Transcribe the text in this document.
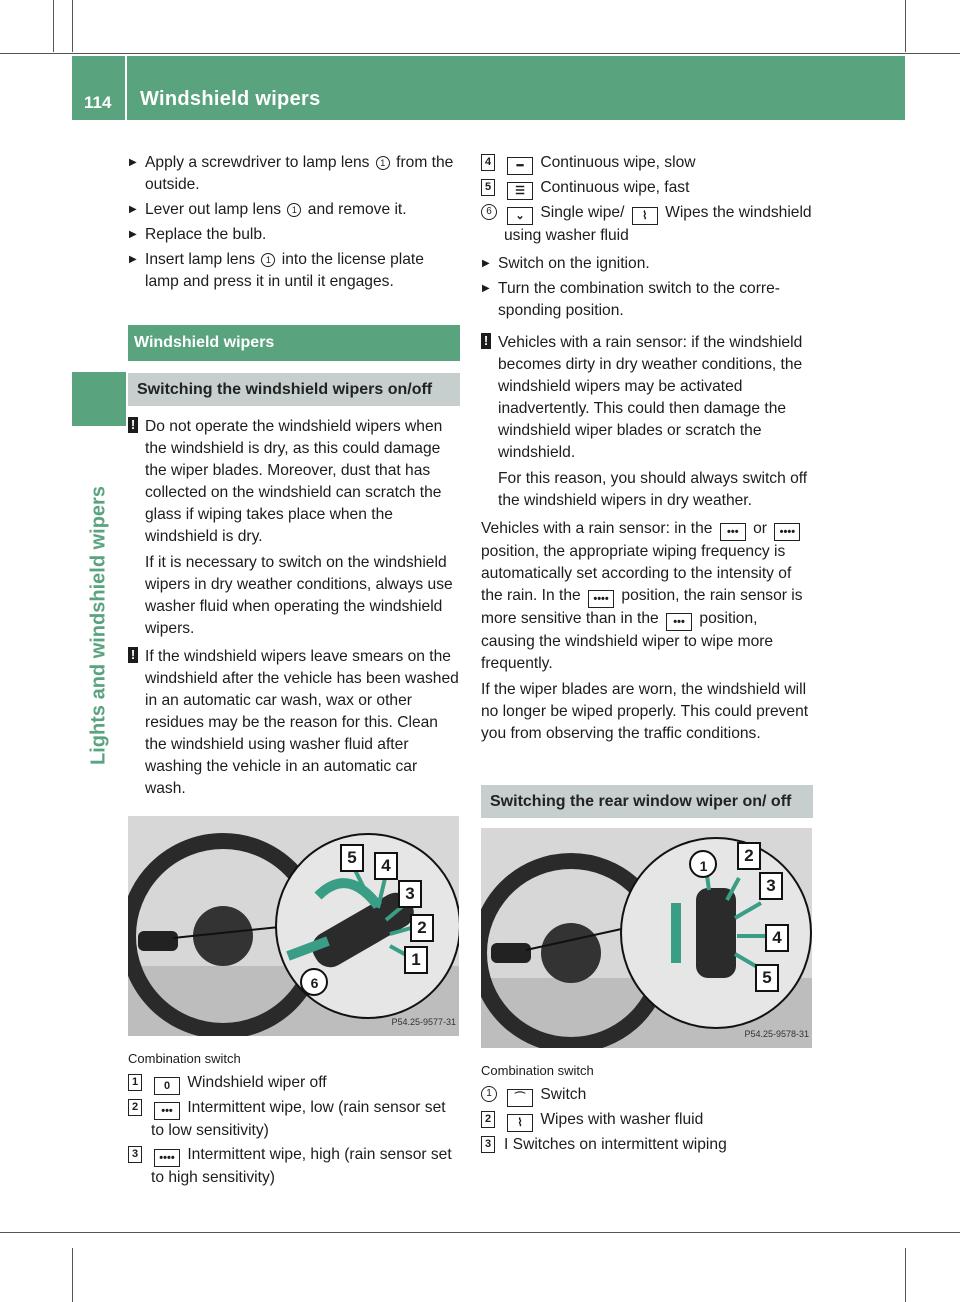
114 Windshield wipers
Lights and windshield wipers
▶ Apply a screwdriver to lamp lens 1 from the outside.
▶ Lever out lamp lens 1 and remove it.
▶ Replace the bulb.
▶ Insert lamp lens 1 into the license plate lamp and press it in until it engages.
Windshield wipers
Switching the windshield wipers on/off
! Do not operate the windshield wipers when the windshield is dry, as this could damage the wiper blades. Moreover, dust that has collected on the windshield can scratch the glass if wiping takes place when the windshield is dry.
If it is necessary to switch on the windshield wipers in dry weather conditions, always use washer fluid when operating the windshield wipers.
! If the windshield wipers leave smears on the windshield after the vehicle has been washed in an automatic car wash, wax or other residues may be the reason for this. Clean the windshield using washer fluid after washing the vehicle in an automatic car wash.
5	4
3
2
1
6
P54.25-9577-31
Combination switch
1	0 Windshield wiper off
2	••• Intermittent wipe, low (rain sensor set to low sensitivity)
3	•••• Intermittent wipe, high (rain sensor set to high sensitivity)
4	━ Continuous wipe, slow
5	☰ Continuous wipe, fast
6	⌄ Single wipe/ ⌇ Wipes the windshield using washer fluid
▶ Switch on the ignition.
▶ Turn the combination switch to the corresponding position.
! Vehicles with a rain sensor: if the windshield becomes dirty in dry weather conditions, the windshield wipers may be activated inadvertently. This could then damage the windshield wiper blades or scratch the windshield.
For this reason, you should always switch off the windshield wipers in dry weather.
Vehicles with a rain sensor: in the ••• or •••• position, the appropriate wiping frequency is automatically set according to the intensity of the rain. In the •••• position, the rain sensor is more sensitive than in the ••• position, causing the windshield wiper to wipe more frequently.
If the wiper blades are worn, the windshield will no longer be wiped properly. This could prevent you from observing the traffic conditions.
Switching the rear window wiper on/ off
1
2
3
4
5
P54.25-9578-31
Combination switch
1	⌒ Switch
2	⌇ Wipes with washer fluid
3 I Switches on intermittent wiping
